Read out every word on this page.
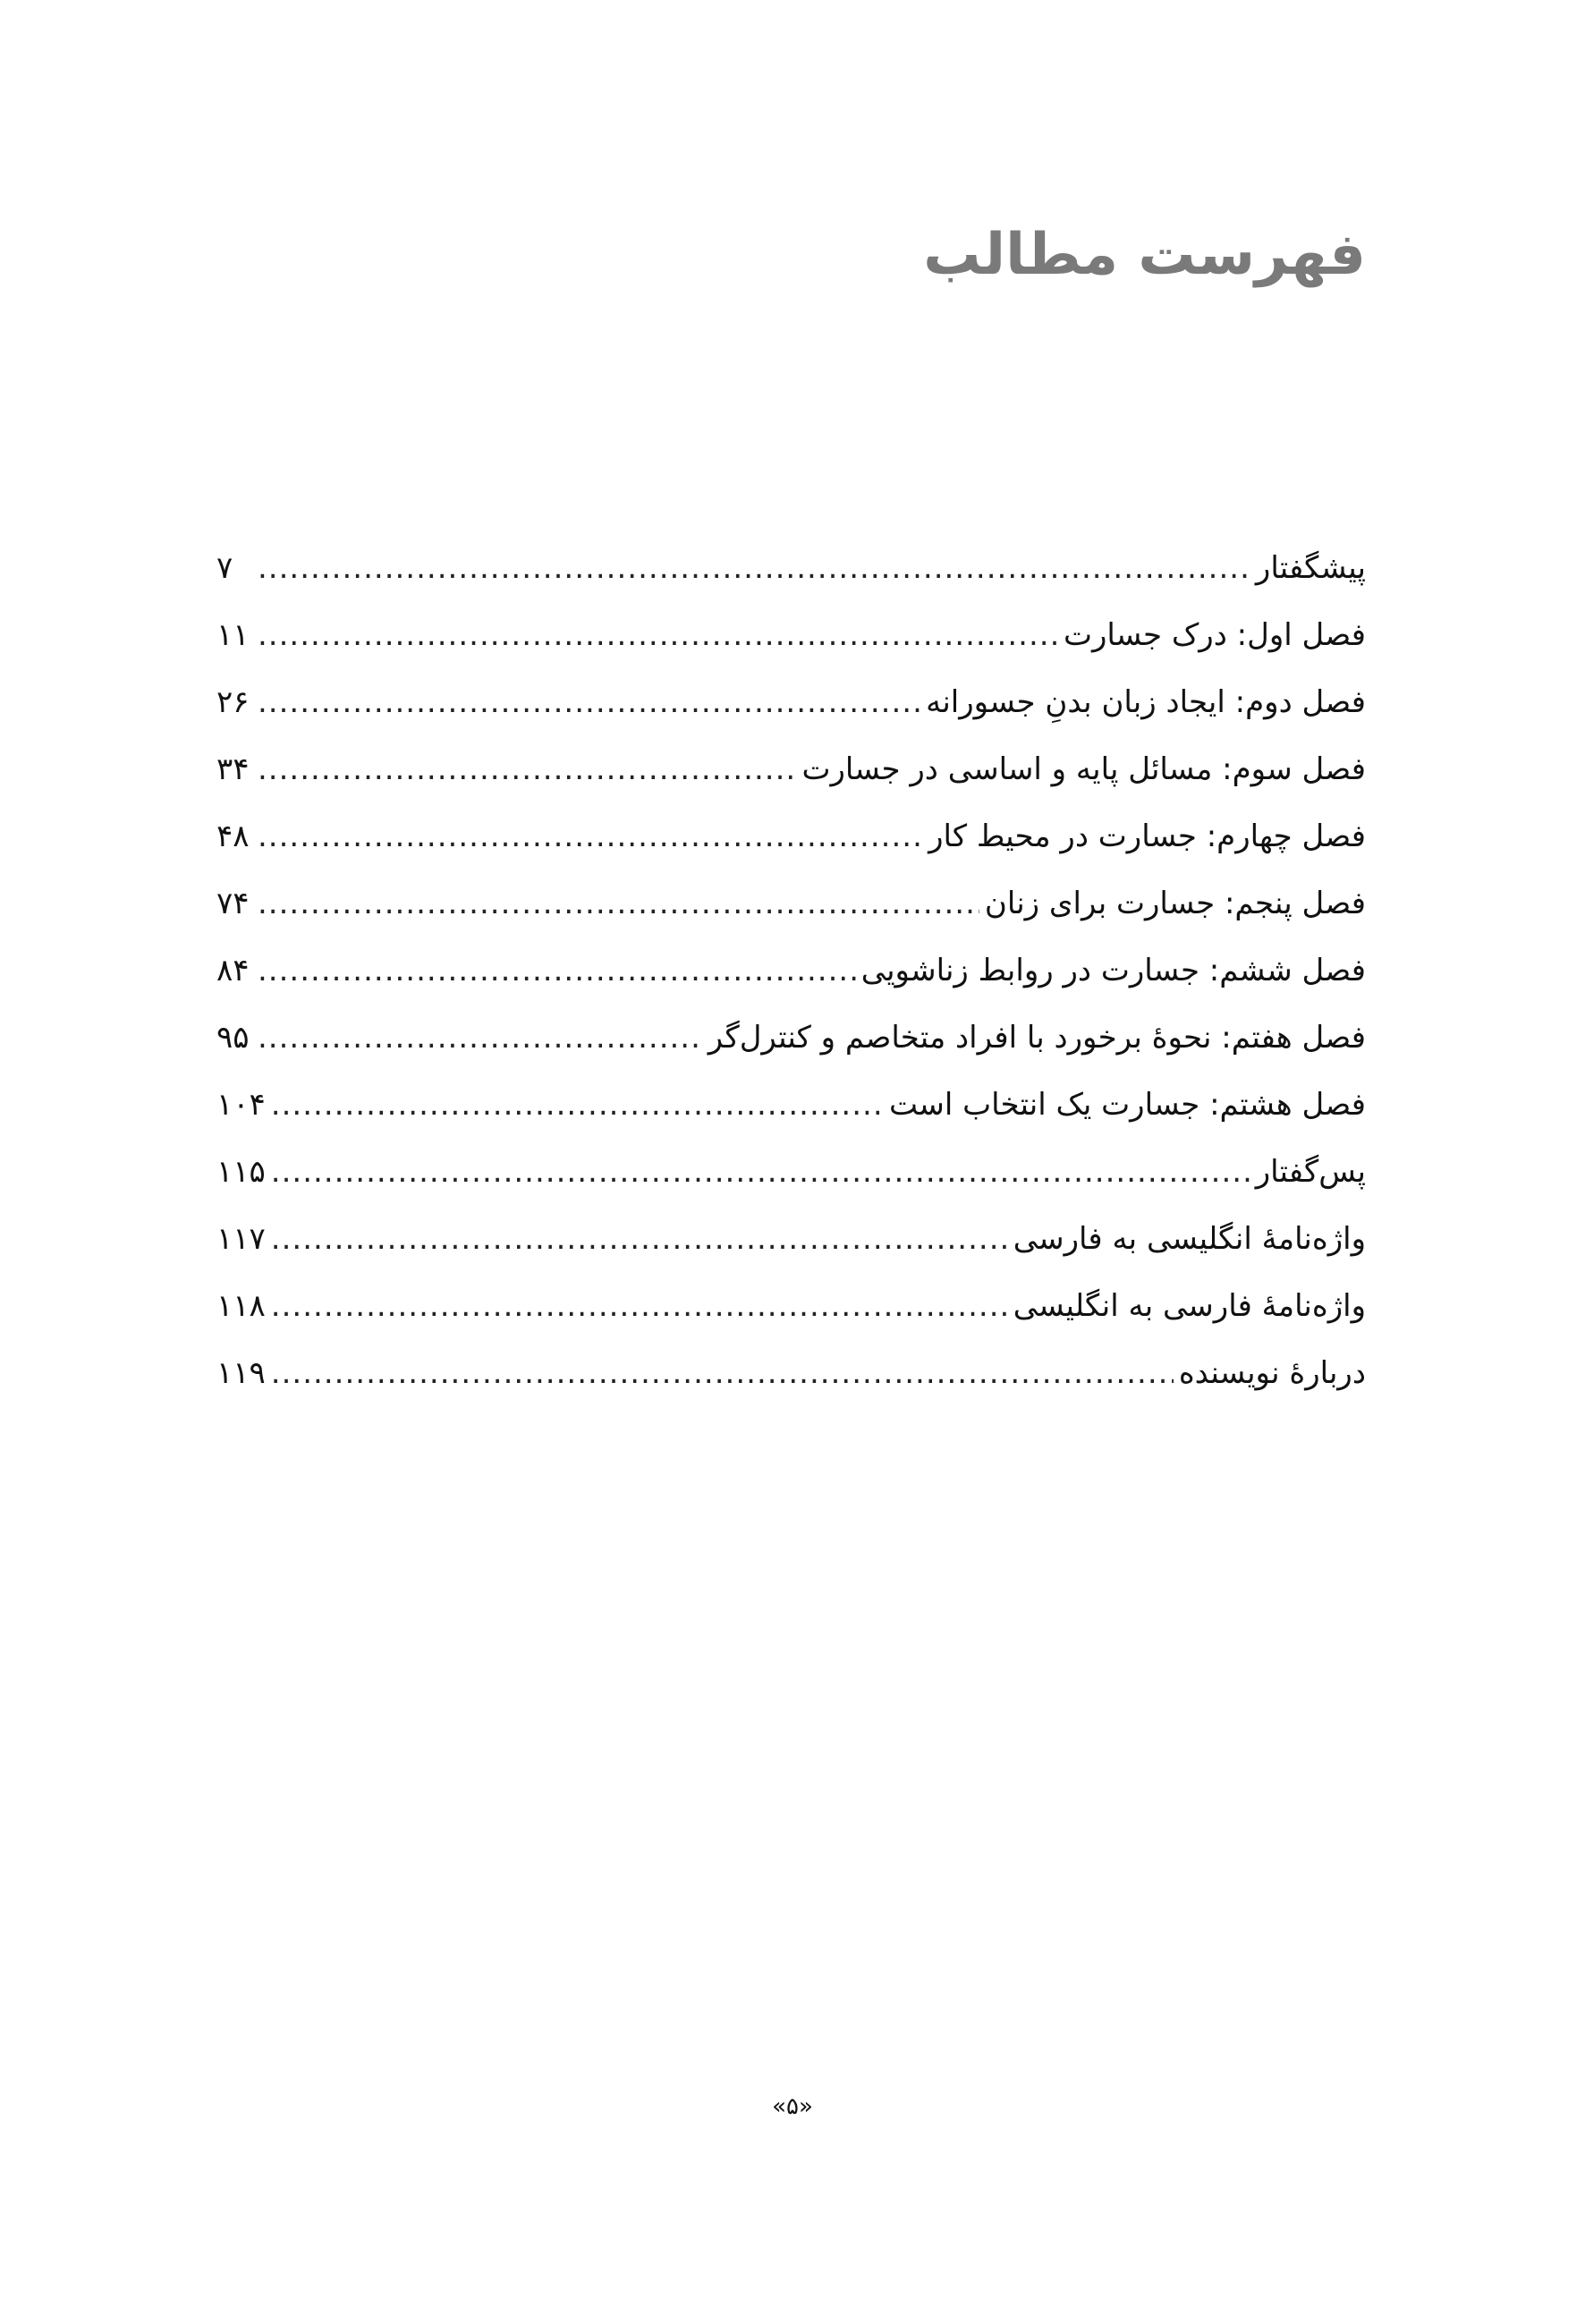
فهرست مطالب
پیشگفتار
.....
۷
فصل اول: درک جسارت
.....
۱۱
فصل دوم: ایجاد زبان بدنِ جسورانه
.....
۲۶
فصل سوم: مسائل پایه و اساسی در جسارت
.....
۳۴
فصل چهارم: جسارت در محیط کار
.....
۴۸
فصل پنجم: جسارت برای زنان
.....
۷۴
فصل ششم: جسارت در روابط زناشویی
.....
۸۴
فصل هفتم: نحوهٔ برخورد با افراد متخاصم و کنترل‌گر
.....
۹۵
فصل هشتم: جسارت یک انتخاب است
.....
۱۰۴
پس‌گفتار
.....
۱۱۵
واژه‌نامهٔ انگلیسی به فارسی
.....
۱۱۷
واژه‌نامهٔ فارسی به انگلیسی
.....
۱۱۸
دربارهٔ نویسنده
.....
۱۱۹
«۵»
